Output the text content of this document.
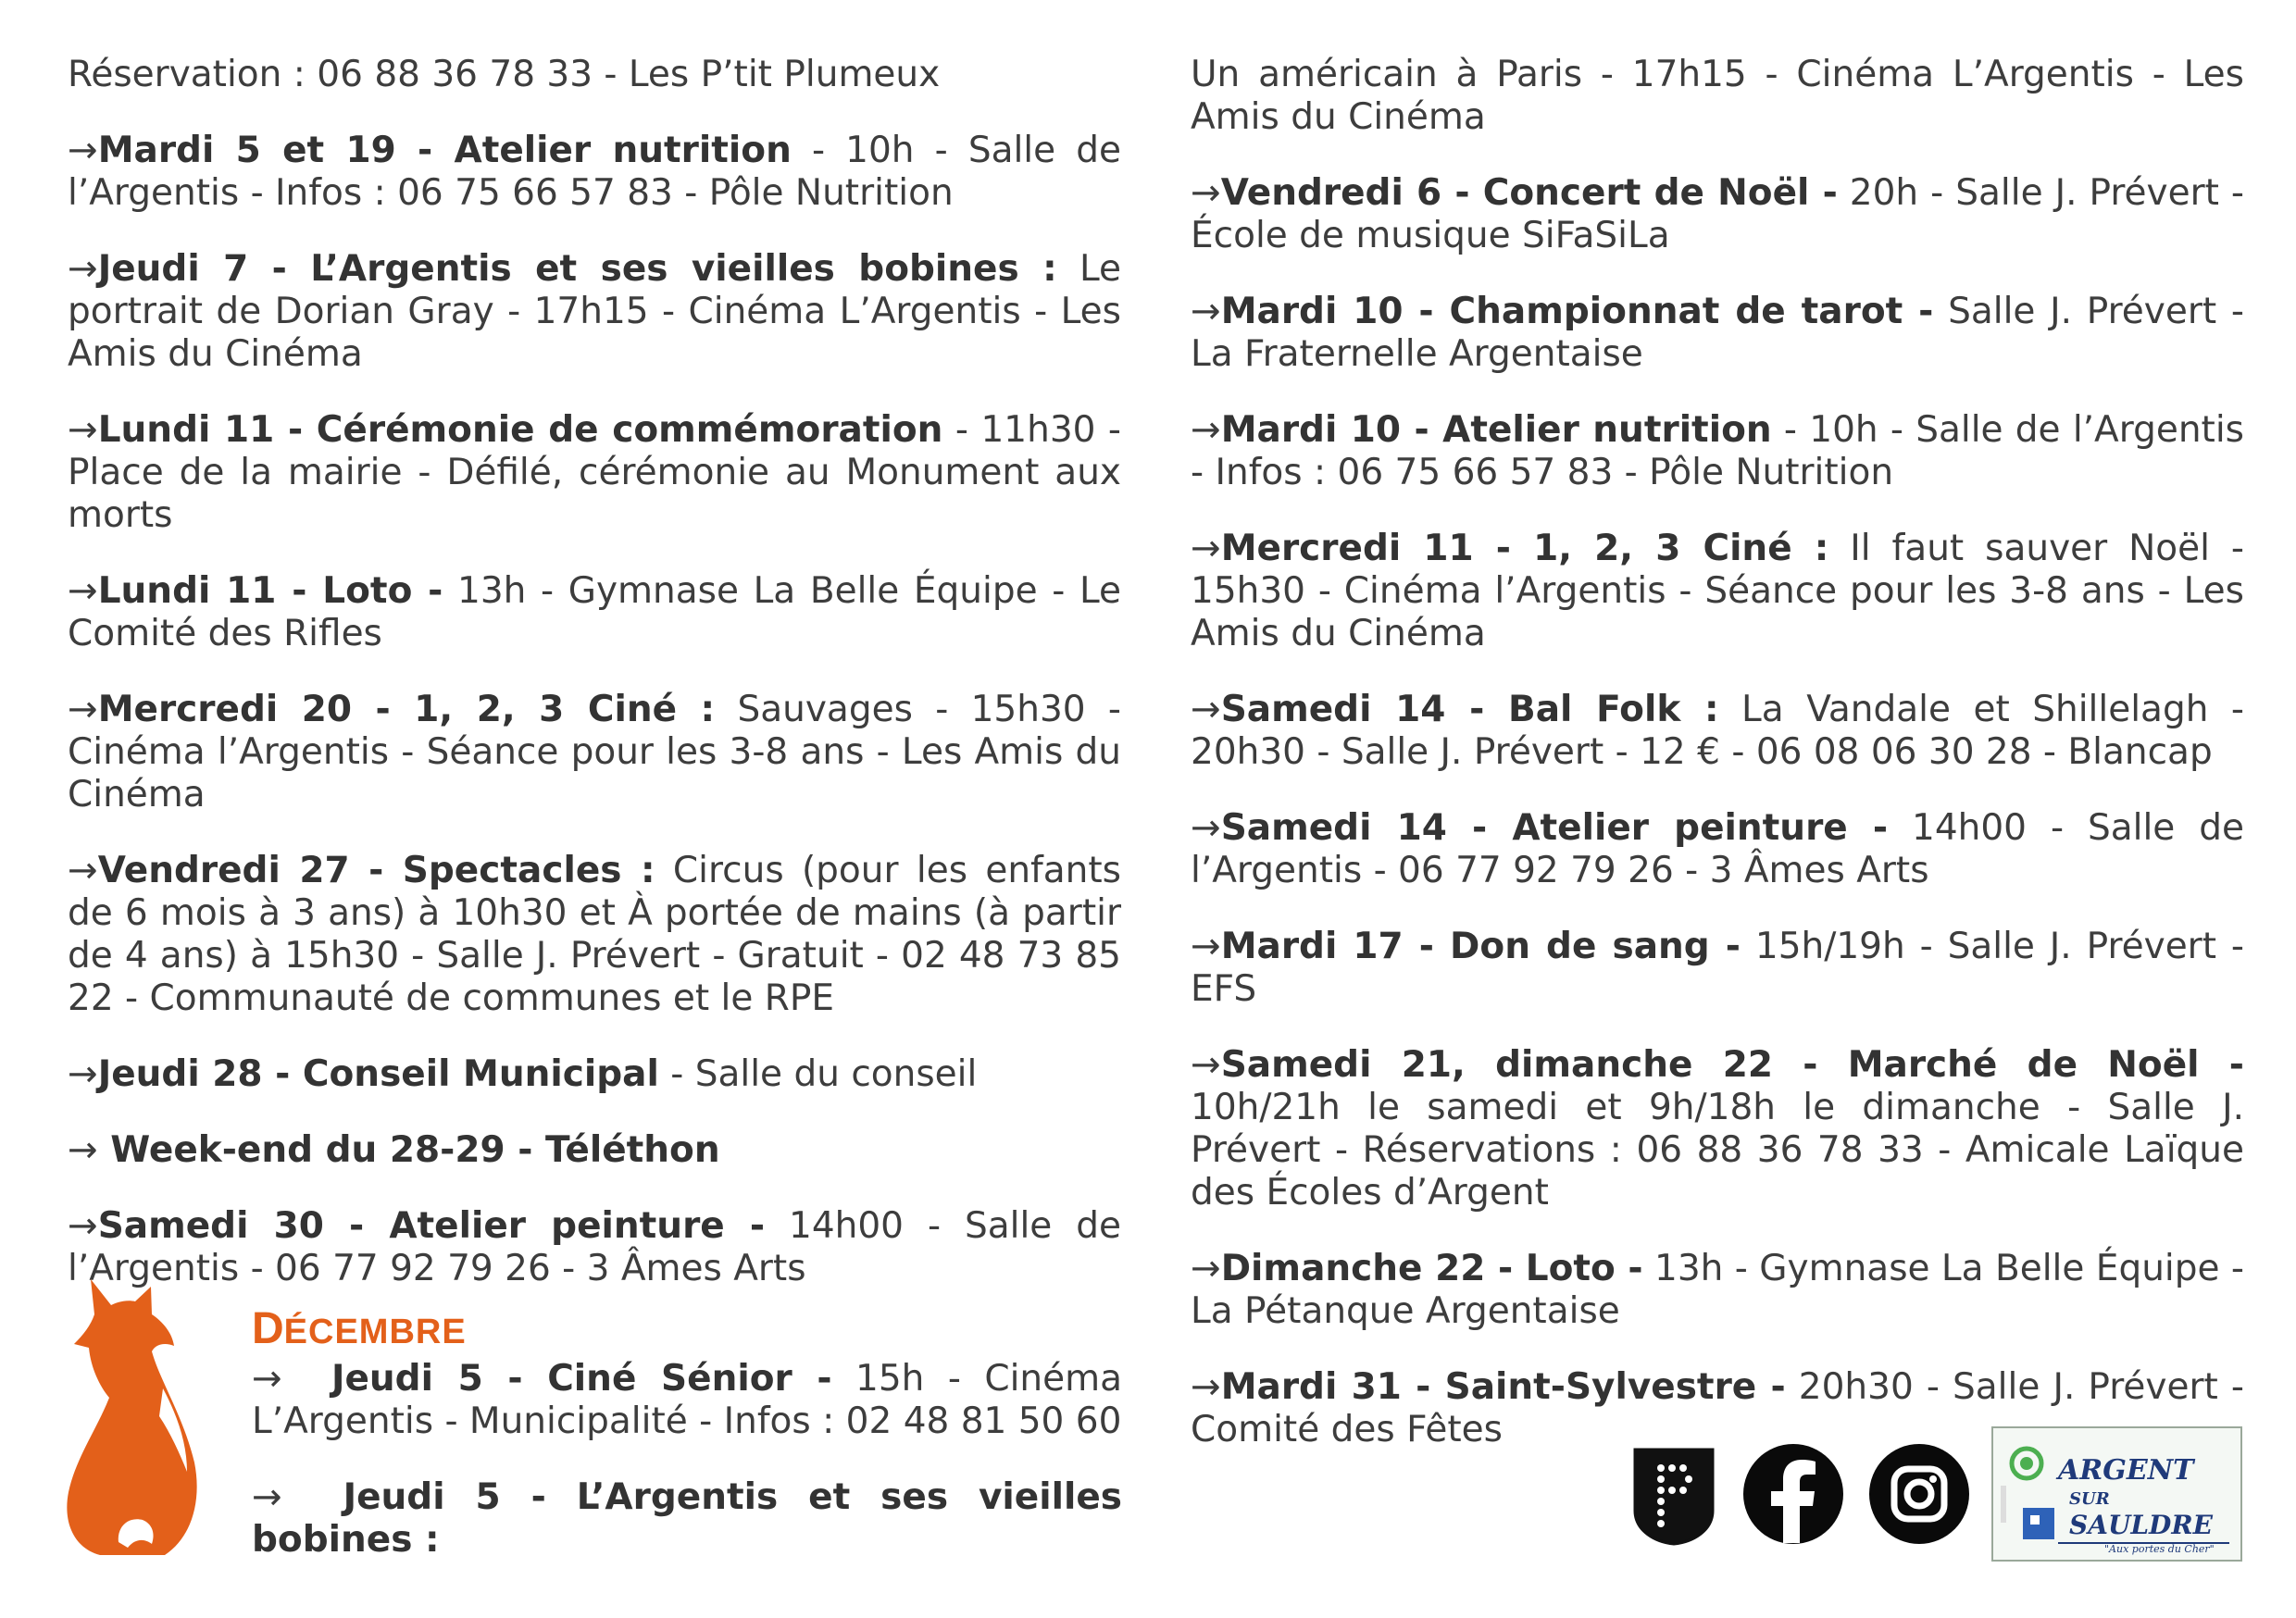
Réservation : 06 88 36 78 33 - Les P’tit Plumeux

→Mardi 5 et 19 - Atelier nutrition - 10h - Salle de l’Argentis - Infos : 06 75 66 57 83 - Pôle Nutrition

→Jeudi 7 - L’Argentis et ses vieilles bobines : Le portrait de Dorian Gray - 17h15 - Cinéma L’Argentis - Les Amis du Cinéma

→Lundi 11 - Cérémonie de commémoration - 11h30 - Place de la mairie - Défilé, cérémonie au Monument aux morts

→Lundi 11 - Loto - 13h - Gymnase La Belle Équipe - Le Comité des Rifles

→Mercredi 20 - 1, 2, 3 Ciné : Sauvages - 15h30 - Cinéma l’Argentis - Séance pour les 3-8 ans - Les Amis du Cinéma

→Vendredi 27 - Spectacles : Circus (pour les enfants de 6 mois à 3 ans) à 10h30 et À portée de mains (à partir de 4 ans) à 15h30 - Salle J. Prévert - Gratuit - 02 48 73 85 22 - Communauté de communes et le RPE

→Jeudi 28 - Conseil Municipal - Salle du conseil

→ Week-end du 28-29 - Téléthon

→Samedi 30 - Atelier peinture - 14h00 - Salle de l’Argentis - 06 77 92 79 26 - 3 Âmes Arts

DÉCEMBRE

→  Jeudi 5 - Ciné Sénior - 15h - Cinéma L’Argentis - Municipalité - Infos : 02 48 81 50 60

→  Jeudi 5 - L’Argentis et ses vieilles bobines :

Un américain à Paris - 17h15 - Cinéma L’Argentis - Les Amis du Cinéma

→Vendredi 6 - Concert de Noël - 20h - Salle J. Prévert - École de musique SiFaSiLa

→Mardi 10 - Championnat de tarot - Salle J. Prévert - La Fraternelle Argentaise

→Mardi 10 - Atelier nutrition - 10h - Salle de l’Argentis - Infos : 06 75 66 57 83 - Pôle Nutrition

→Mercredi 11 - 1, 2, 3 Ciné : Il faut sauver Noël - 15h30 - Cinéma l’Argentis - Séance pour les 3-8 ans - Les Amis du Cinéma

→Samedi 14 - Bal Folk : La Vandale et Shillelagh - 20h30 - Salle J. Prévert - 12 € - 06 08 06 30 28 - Blancap

→Samedi 14 - Atelier peinture - 14h00 - Salle de l’Argentis - 06 77 92 79 26 - 3 Âmes Arts

→Mardi 17 - Don de sang - 15h/19h - Salle J. Prévert -EFS

→Samedi 21, dimanche 22 - Marché de Noël - 10h/21h le samedi et 9h/18h le dimanche - Salle J. Prévert - Réservations : 06 88 36 78 33 - Amicale Laïque des Écoles d’Argent

→Dimanche 22 - Loto - 13h - Gymnase La Belle Équipe - La Pétanque Argentaise

→Mardi 31 - Saint-Sylvestre - 20h30 - Salle J. Prévert - Comité des Fêtes

ARGENT
SUR
SAULDRE
"Aux portes du Cher"
